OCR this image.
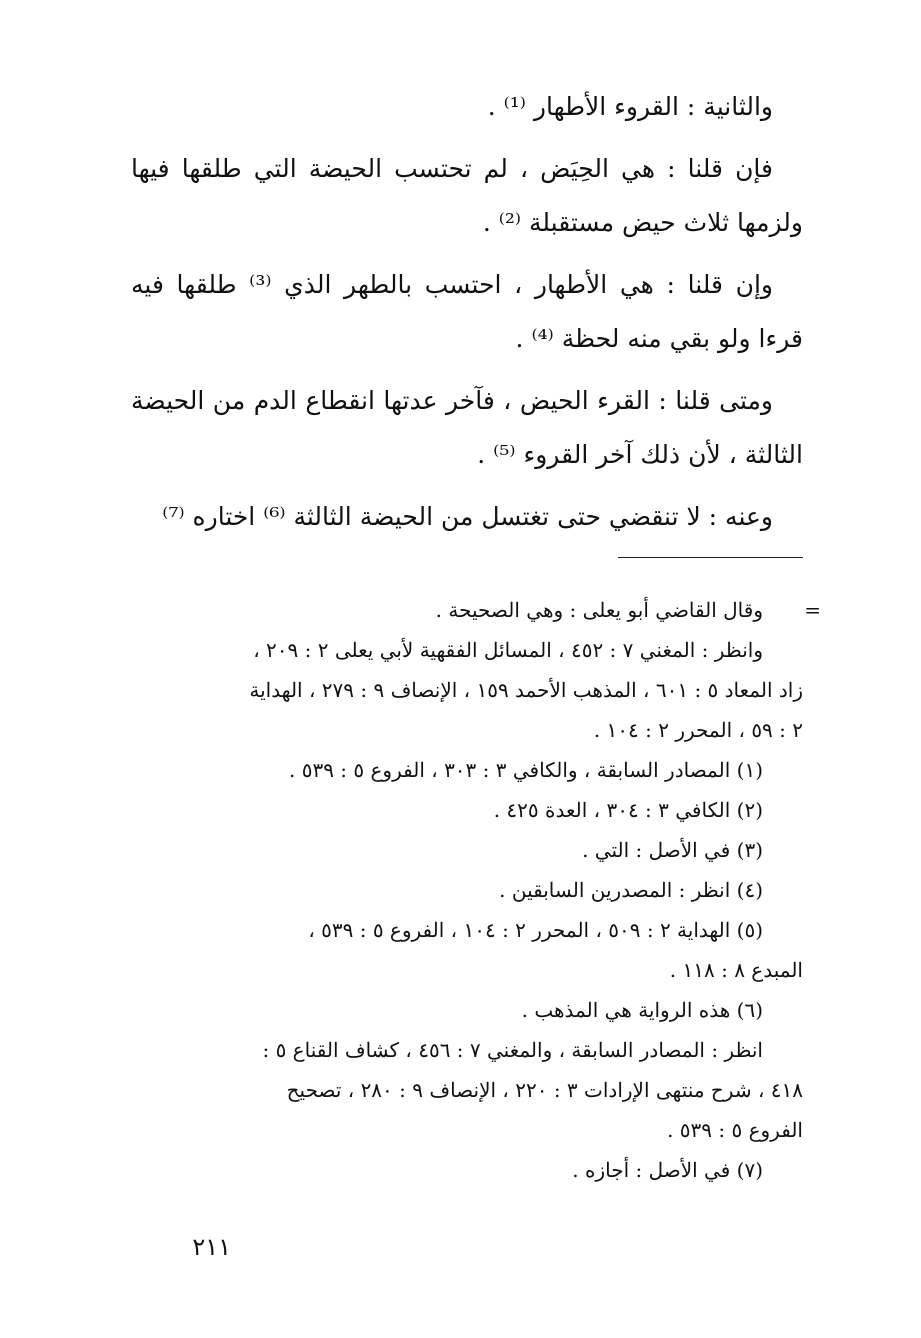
والثانية : القروء الأطهار ⁽¹⁾ .

فإن قلنا : هي الحِيَض ، لم تحتسب الحيضة التي طلقها فيها ولزمها ثلاث حيض مستقبلة ⁽²⁾ .

وإن قلنا : هي الأطهار ، احتسب بالطهر الذي ⁽³⁾ طلقها فيه قرءا ولو بقي منه لحظة ⁽⁴⁾ .

ومتى قلنا : القرء الحيض ، فآخر عدتها انقطاع الدم من الحيضة الثالثة ، لأن ذلك آخر القروء ⁽⁵⁾ .

وعنه : لا تنقضي حتى تغتسل من الحيضة الثالثة ⁽⁶⁾ اختاره ⁽⁷⁾

=
وقال القاضي أبو يعلى : وهي الصحيحة .

وانظر : المغني ٧ : ٤٥٢ ، المسائل الفقهية لأبي يعلى ٢ : ٢٠٩ ،

زاد المعاد ٥ : ٦٠١ ، المذهب الأحمد ١٥٩ ، الإنصاف ٩ : ٢٧٩ ، الهداية

٢ : ٥٩ ، المحرر ٢ : ١٠٤ .

(١) المصادر السابقة ، والكافي ٣ : ٣٠٣ ، الفروع ٥ : ٥٣٩ .

(٢) الكافي ٣ : ٣٠٤ ، العدة ٤٢٥ .

(٣) في الأصل : التي .

(٤) انظر : المصدرين السابقين .

(٥) الهداية ٢ : ٥٠٩ ، المحرر ٢ : ١٠٤ ، الفروع ٥ : ٥٣٩ ،

المبدع ٨ : ١١٨ .

(٦) هذه الرواية هي المذهب .

انظر : المصادر السابقة ، والمغني ٧ : ٤٥٦ ، كشاف القناع ٥ :

٤١٨ ، شرح منتهى الإرادات ٣ : ٢٢٠ ، الإنصاف ٩ : ٢٨٠ ، تصحيح

الفروع ٥ : ٥٣٩ .

(٧) في الأصل : أجازه .

٢١١
